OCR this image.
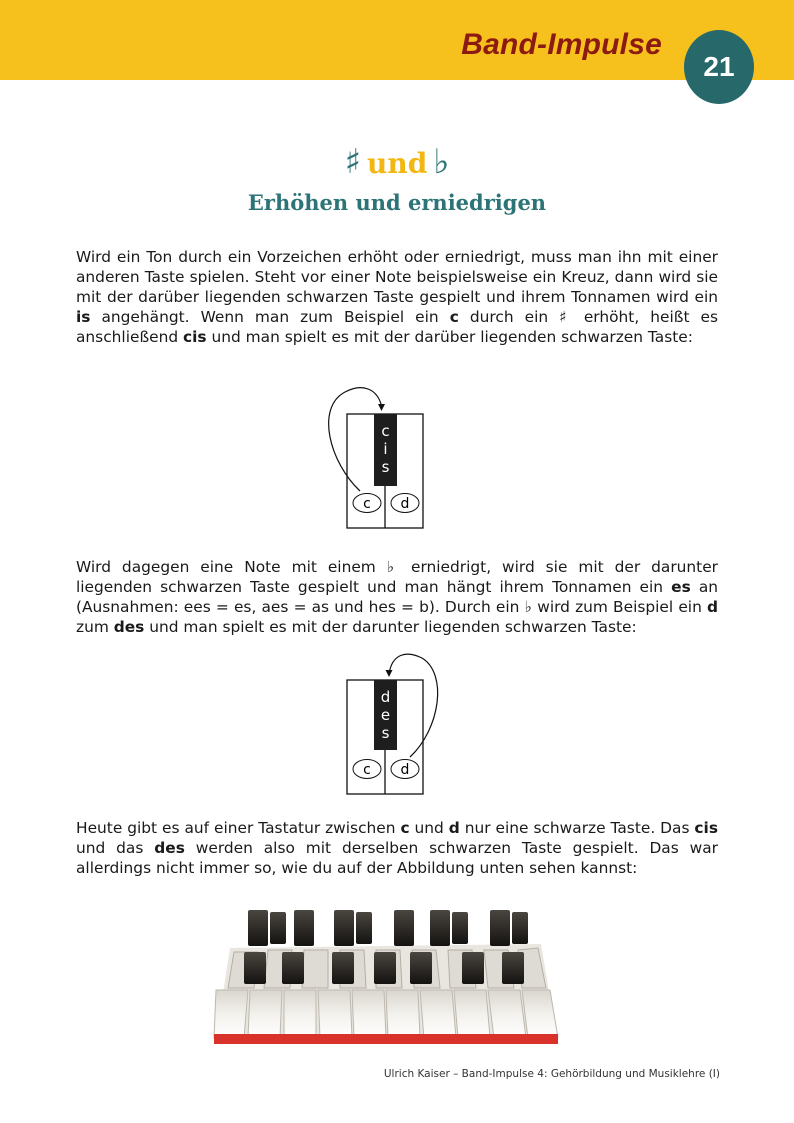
Band-Impulse
21
♯ und ♭
Erhöhen und erniedrigen

Wird ein Ton durch ein Vorzeichen erhöht oder erniedrigt, muss man ihn mit einer anderen Taste spielen. Steht vor einer Note beispielsweise ein Kreuz, dann wird sie mit der darüber liegenden schwarzen Taste gespielt und ihrem Tonnamen wird ein is angehängt. Wenn man zum Beispiel ein c durch ein ♯ erhöht, heißt es anschließend cis und man spielt es mit der darüber liegenden schwarzen Taste:

c
i
s
c d

Wird dagegen eine Note mit einem ♭ erniedrigt, wird sie mit der darunter liegenden schwarzen Taste gespielt und man hängt ihrem Tonnamen ein es an (Ausnahmen: ees = es, aes = as und hes = b). Durch ein ♭ wird zum Beispiel ein d zum des und man spielt es mit der darunter liegenden schwarzen Taste:

d
e
s
c d

Heute gibt es auf einer Tastatur zwischen c und d nur eine schwarze Taste. Das cis und das des werden also mit derselben schwarzen Taste gespielt. Das war allerdings nicht immer so, wie du auf der Abbildung unten sehen kannst:

Ulrich Kaiser – Band-Impulse 4: Gehörbildung und Musiklehre (I)
